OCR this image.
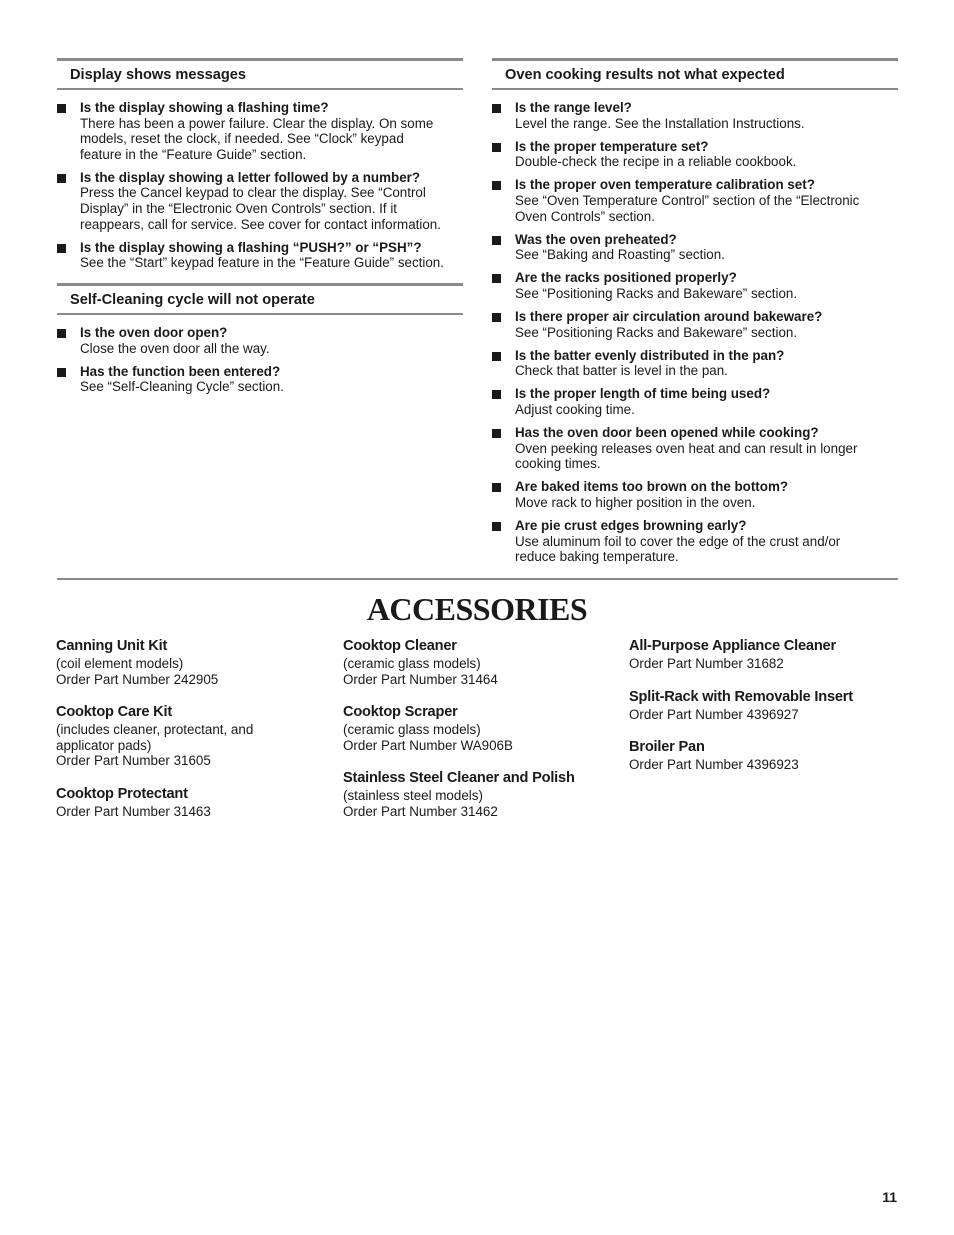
Display shows messages
Is the display showing a flashing time?
There has been a power failure. Clear the display. On some
models, reset the clock, if needed. See “Clock” keypad
feature in the “Feature Guide” section.
Is the display showing a letter followed by a number?
Press the Cancel keypad to clear the display. See “Control
Display” in the “Electronic Oven Controls” section. If it
reappears, call for service. See cover for contact information.
Is the display showing a flashing “PUSH?” or “PSH”?
See the “Start” keypad feature in the “Feature Guide” section.
Self-Cleaning cycle will not operate
Is the oven door open?
Close the oven door all the way.
Has the function been entered?
See “Self-Cleaning Cycle” section.
Oven cooking results not what expected
Is the range level?
Level the range. See the Installation Instructions.
Is the proper temperature set?
Double-check the recipe in a reliable cookbook.
Is the proper oven temperature calibration set?
See “Oven Temperature Control” section of the “Electronic
Oven Controls” section.
Was the oven preheated?
See “Baking and Roasting” section.
Are the racks positioned properly?
See “Positioning Racks and Bakeware” section.
Is there proper air circulation around bakeware?
See “Positioning Racks and Bakeware” section.
Is the batter evenly distributed in the pan?
Check that batter is level in the pan.
Is the proper length of time being used?
Adjust cooking time.
Has the oven door been opened while cooking?
Oven peeking releases oven heat and can result in longer
cooking times.
Are baked items too brown on the bottom?
Move rack to higher position in the oven.
Are pie crust edges browning early?
Use aluminum foil to cover the edge of the crust and/or
reduce baking temperature.
ACCESSORIES
Canning Unit Kit
(coil element models)
Order Part Number 242905
Cooktop Care Kit
(includes cleaner, protectant, and
applicator pads)
Order Part Number 31605
Cooktop Protectant
Order Part Number 31463
Cooktop Cleaner
(ceramic glass models)
Order Part Number 31464
Cooktop Scraper
(ceramic glass models)
Order Part Number WA906B
Stainless Steel Cleaner and Polish
(stainless steel models)
Order Part Number 31462
All-Purpose Appliance Cleaner
Order Part Number 31682
Split-Rack with Removable Insert
Order Part Number 4396927
Broiler Pan
Order Part Number 4396923
11
